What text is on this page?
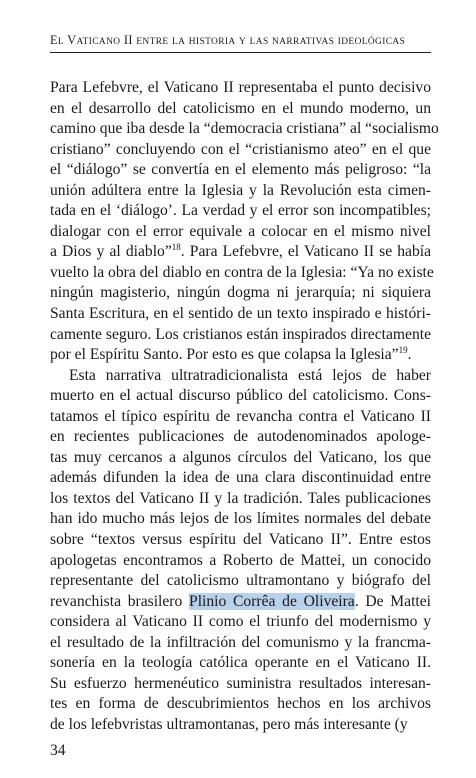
EL VATICANO II ENTRE LA HISTORIA Y LAS NARRATIVAS IDEOLÓGICAS
Para Lefebvre, el Vaticano II representaba el punto decisivo
en el desarrollo del catolicismo en el mundo moderno, un
camino que iba desde la “democracia cristiana” al “socialismo
cristiano” concluyendo con el “cristianismo ateo” en el que
el “diálogo” se convertía en el elemento más peligroso: “la
unión adúltera entre la Iglesia y la Revolución esta cimen-
tada en el ‘diálogo’. La verdad y el error son incompatibles;
dialogar con el error equivale a colocar en el mismo nivel
a Dios y al diablo”$^{18}$. Para Lefebvre, el Vaticano II se había
vuelto la obra del diablo en contra de la Iglesia: “Ya no existe
ningún magisterio, ningún dogma ni jerarquía; ni siquiera
Santa Escritura, en el sentido de un texto inspirado e históri-
camente seguro. Los cristianos están inspirados directamente
por el Espíritu Santo. Por esto es que colapsa la Iglesia”$^{19}$.
Esta narrativa ultratradicionalista está lejos de haber
muerto en el actual discurso público del catolicismo. Cons-
tatamos el típico espíritu de revancha contra el Vaticano II
en recientes publicaciones de autodenominados apologe-
tas muy cercanos a algunos círculos del Vaticano, los que
además difunden la idea de una clara discontinuidad entre
los textos del Vaticano II y la tradición. Tales publicaciones
han ido mucho más lejos de los límites normales del debate
sobre “textos versus espíritu del Vaticano II”. Entre estos
apologetas encontramos a Roberto de Mattei, un conocido
representante del catolicismo ultramontano y biógrafo del
revanchista brasilero Plinio Corrêa de Oliveira. De Mattei
considera al Vaticano II como el triunfo del modernismo y
el resultado de la infiltración del comunismo y la francma-
sonería en la teología católica operante en el Vaticano II.
Su esfuerzo hermenéutico suministra resultados interesan-
tes en forma de descubrimientos hechos en los archivos
de los lefebvristas ultramontanas, pero más interesante (y
34
